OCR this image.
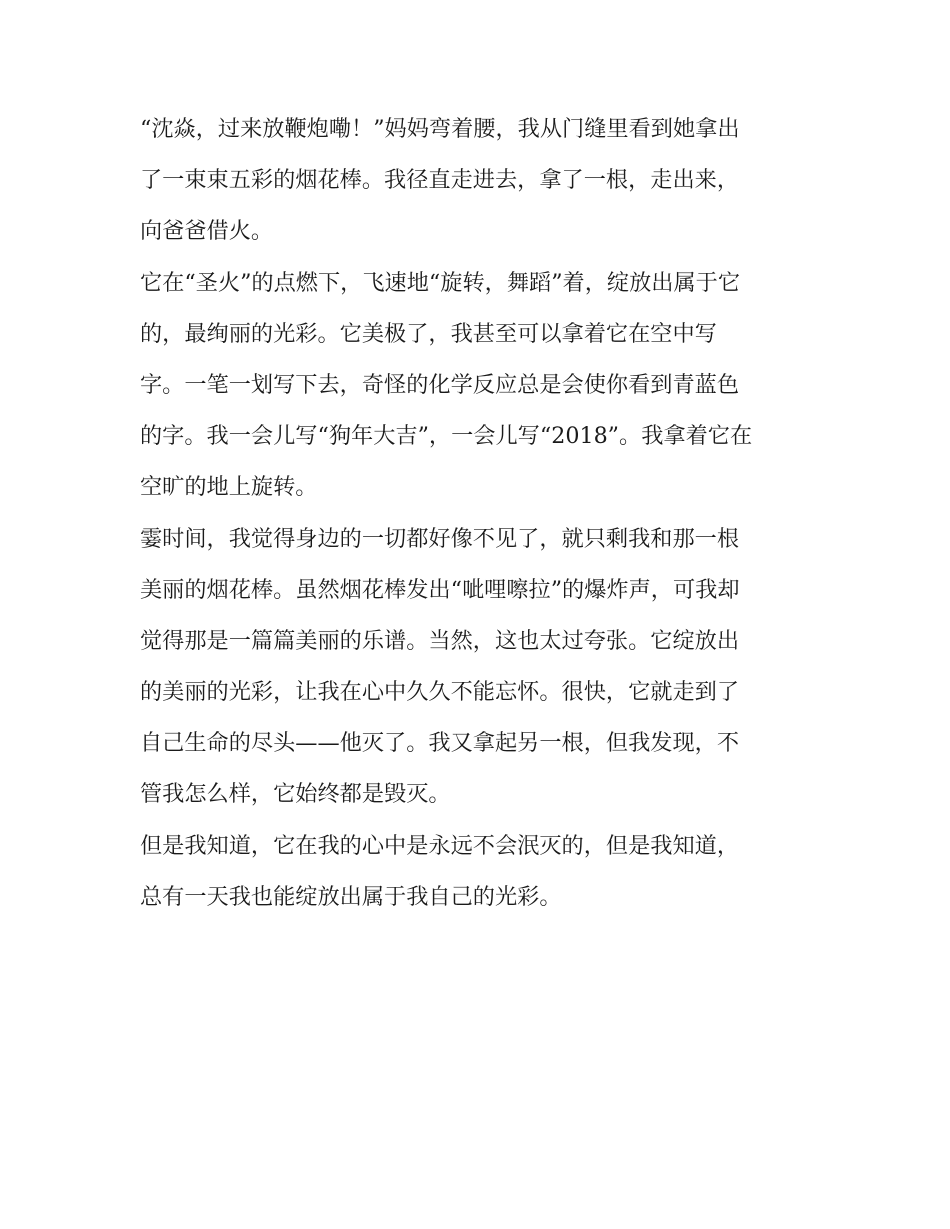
“沈焱，过来放鞭炮嘞！”妈妈弯着腰，我从门缝里看到她拿出
了一束束五彩的烟花棒。我径直走进去，拿了一根，走出来，
向爸爸借火。
它在“圣火”的点燃下，飞速地“旋转，舞蹈”着，绽放出属于它
的，最绚丽的光彩。它美极了，我甚至可以拿着它在空中写
字。一笔一划写下去，奇怪的化学反应总是会使你看到青蓝色
的字。我一会儿写“狗年大吉”，一会儿写“2018”。我拿着它在
空旷的地上旋转。
霎时间，我觉得身边的一切都好像不见了，就只剩我和那一根
美丽的烟花棒。虽然烟花棒发出“呲哩嚓拉”的爆炸声，可我却
觉得那是一篇篇美丽的乐谱。当然，这也太过夸张。它绽放出
的美丽的光彩，让我在心中久久不能忘怀。很快，它就走到了
自己生命的尽头——他灭了。我又拿起另一根，但我发现，不
管我怎么样，它始终都是毁灭。
但是我知道，它在我的心中是永远不会泯灭的，但是我知道，
总有一天我也能绽放出属于我自己的光彩。
